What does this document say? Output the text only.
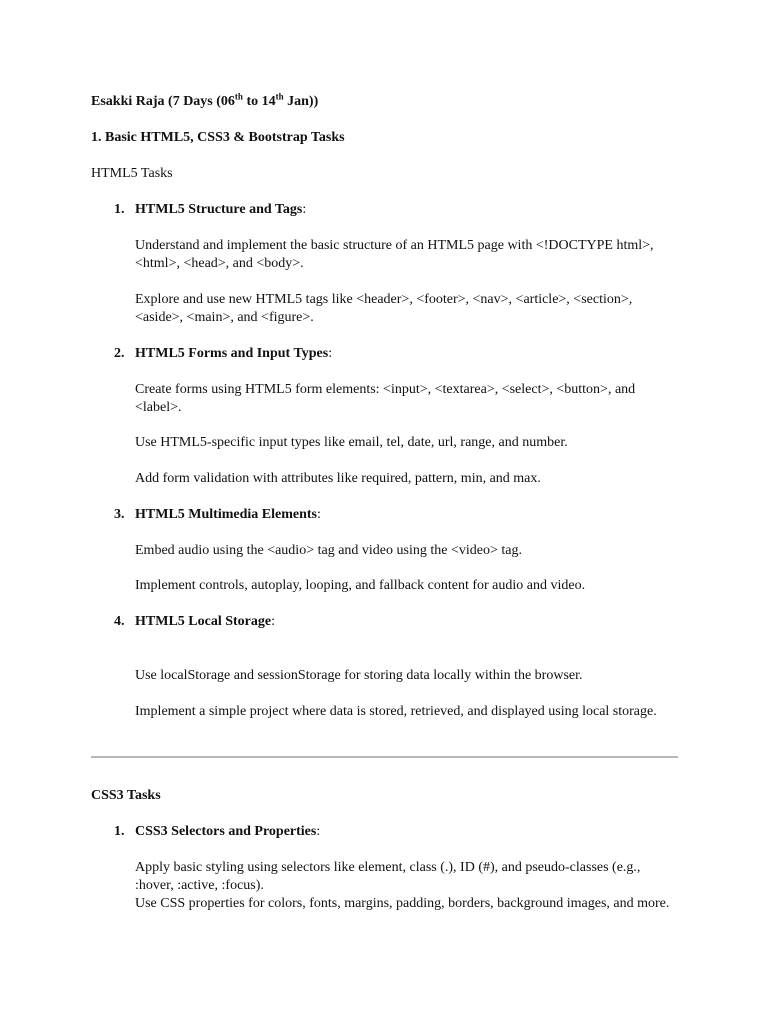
Esakki Raja (7 Days (06th to 14th Jan))

1. Basic HTML5, CSS3 & Bootstrap Tasks

HTML5 Tasks

1. HTML5 Structure and Tags:

Understand and implement the basic structure of an HTML5 page with <!DOCTYPE html>, <html>, <head>, and <body>.

Explore and use new HTML5 tags like <header>, <footer>, <nav>, <article>, <section>, <aside>, <main>, and <figure>.

2. HTML5 Forms and Input Types:

Create forms using HTML5 form elements: <input>, <textarea>, <select>, <button>, and <label>.

Use HTML5-specific input types like email, tel, date, url, range, and number.

Add form validation with attributes like required, pattern, min, and max.

3. HTML5 Multimedia Elements:

Embed audio using the <audio> tag and video using the <video> tag.

Implement controls, autoplay, looping, and fallback content for audio and video.

4. HTML5 Local Storage:

Use localStorage and sessionStorage for storing data locally within the browser.

Implement a simple project where data is stored, retrieved, and displayed using local storage.

CSS3 Tasks

1. CSS3 Selectors and Properties:

Apply basic styling using selectors like element, class (.), ID (#), and pseudo-classes (e.g., :hover, :active, :focus).

Use CSS properties for colors, fonts, margins, padding, borders, background images, and more.
